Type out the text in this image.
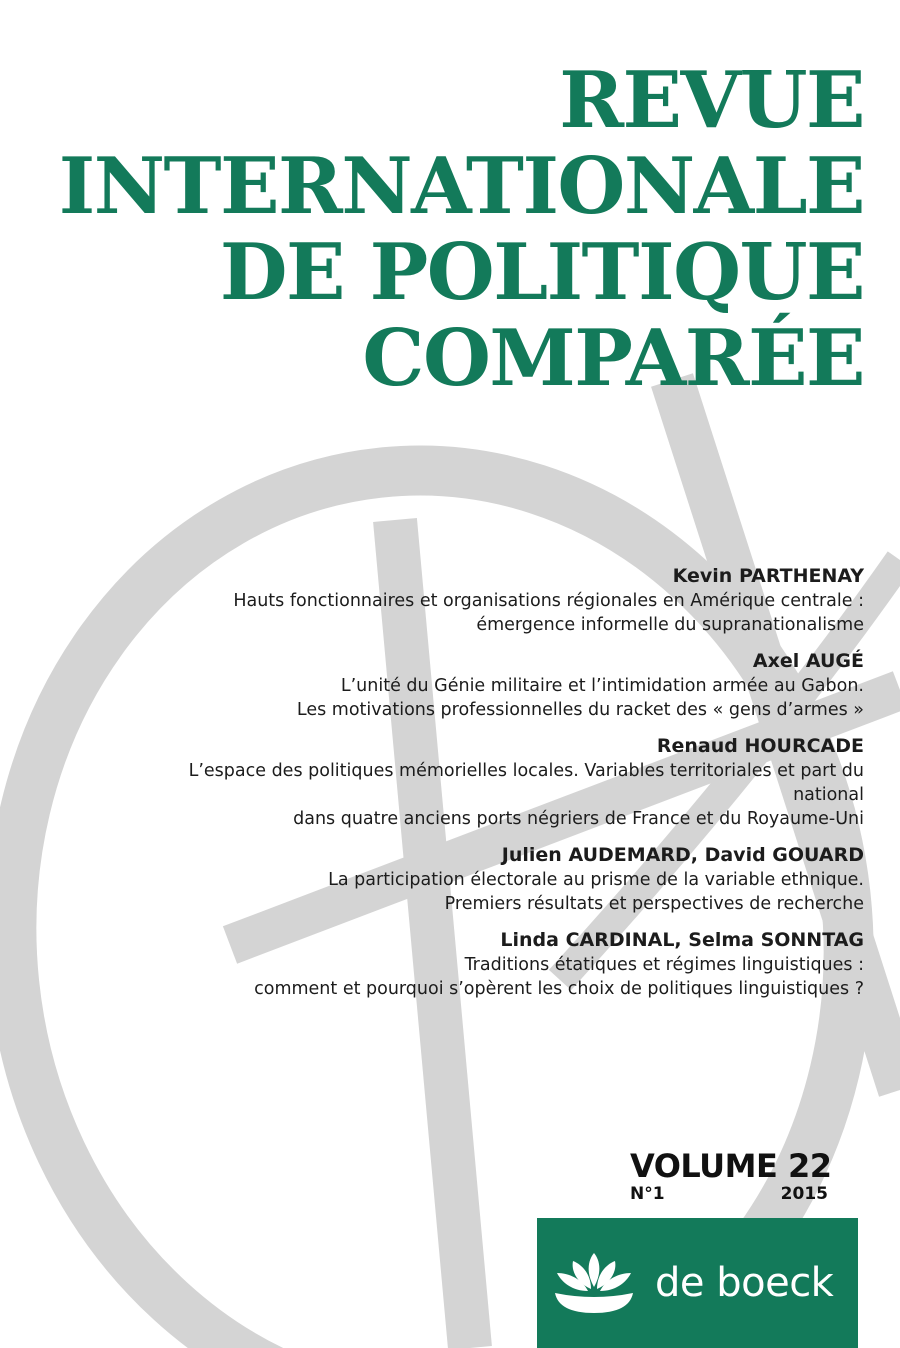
REVUE
INTERNATIONALE
DE POLITIQUE
COMPARÉE
Kevin PARTHENAY
Hauts fonctionnaires et organisations régionales en Amérique centrale :
émergence informelle du supranationalisme
Axel AUGÉ
L’unité du Génie militaire et l’intimidation armée au Gabon.
Les motivations professionnelles du racket des « gens d’armes »
Renaud HOURCADE
L’espace des politiques mémorielles locales. Variables territoriales et part du national
dans quatre anciens ports négriers de France et du Royaume-Uni
Julien AUDEMARD, David GOUARD
La participation électorale au prisme de la variable ethnique.
Premiers résultats et perspectives de recherche
Linda CARDINAL, Selma SONNTAG
Traditions étatiques et régimes linguistiques :
comment et pourquoi s’opèrent les choix de politiques linguistiques ?
VOLUME 22
N°1	2015
de boeck
